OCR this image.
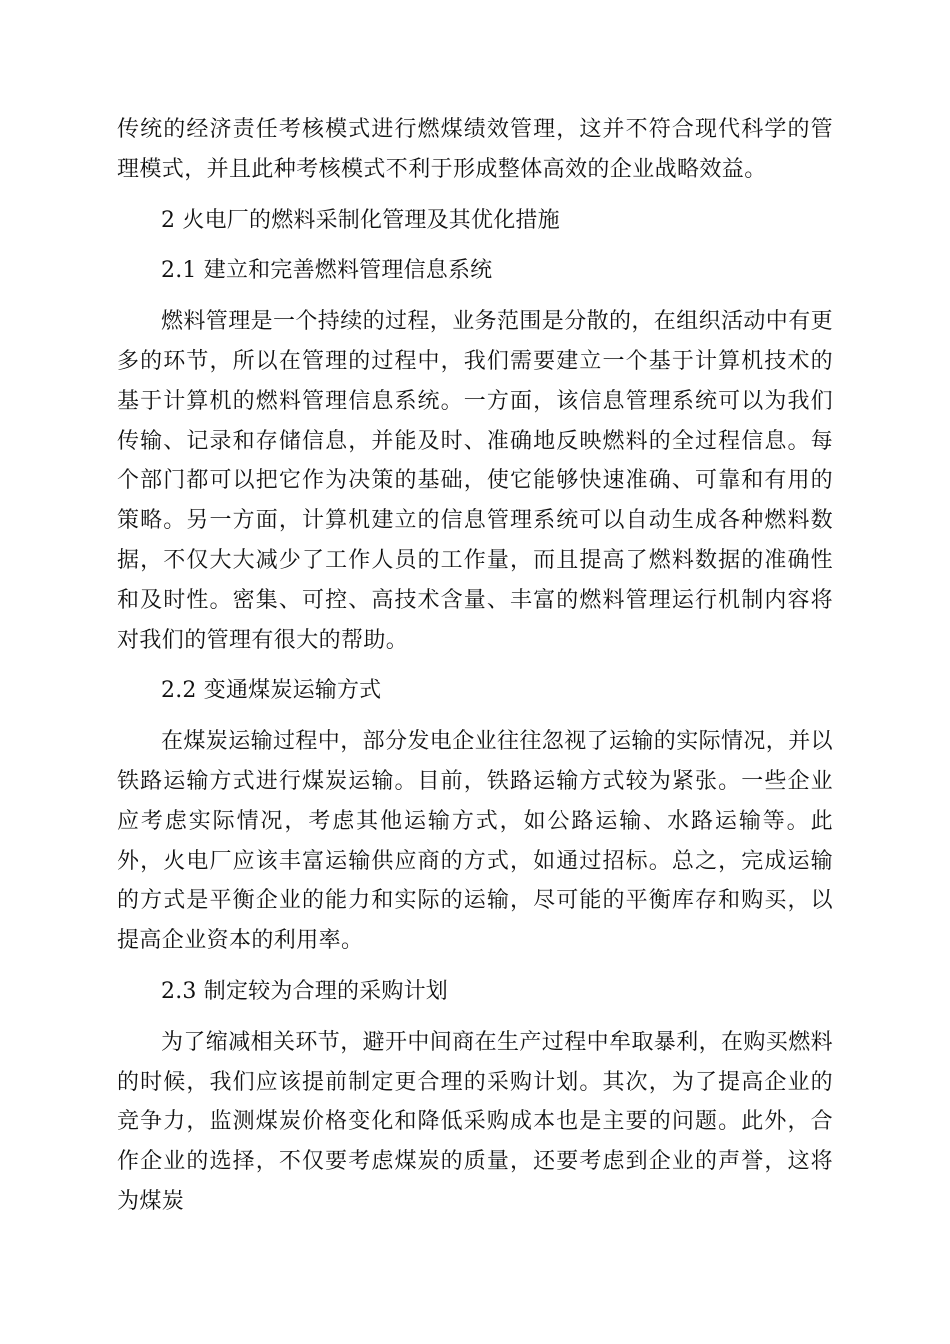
传统的经济责任考核模式进行燃煤绩效管理，这并不符合现代科学的管理模式，并且此种考核模式不利于形成整体高效的企业战略效益。

2 火电厂的燃料采制化管理及其优化措施

2.1 建立和完善燃料管理信息系统

燃料管理是一个持续的过程，业务范围是分散的，在组织活动中有更多的环节，所以在管理的过程中，我们需要建立一个基于计算机技术的基于计算机的燃料管理信息系统。一方面，该信息管理系统可以为我们传输、记录和存储信息，并能及时、准确地反映燃料的全过程信息。每个部门都可以把它作为决策的基础，使它能够快速准确、可靠和有用的策略。另一方面，计算机建立的信息管理系统可以自动生成各种燃料数据，不仅大大减少了工作人员的工作量，而且提高了燃料数据的准确性和及时性。密集、可控、高技术含量、丰富的燃料管理运行机制内容将对我们的管理有很大的帮助。

2.2 变通煤炭运输方式

在煤炭运输过程中，部分发电企业往往忽视了运输的实际情况，并以铁路运输方式进行煤炭运输。目前，铁路运输方式较为紧张。一些企业应考虑实际情况，考虑其他运输方式，如公路运输、水路运输等。此外，火电厂应该丰富运输供应商的方式，如通过招标。总之，完成运输的方式是平衡企业的能力和实际的运输，尽可能的平衡库存和购买，以提高企业资本的利用率。

2.3 制定较为合理的采购计划

为了缩减相关环节，避开中间商在生产过程中牟取暴利，在购买燃料的时候，我们应该提前制定更合理的采购计划。其次，为了提高企业的竞争力，监测煤炭价格变化和降低采购成本也是主要的问题。此外，合作企业的选择，不仅要考虑煤炭的质量，还要考虑到企业的声誉，这将为煤炭
